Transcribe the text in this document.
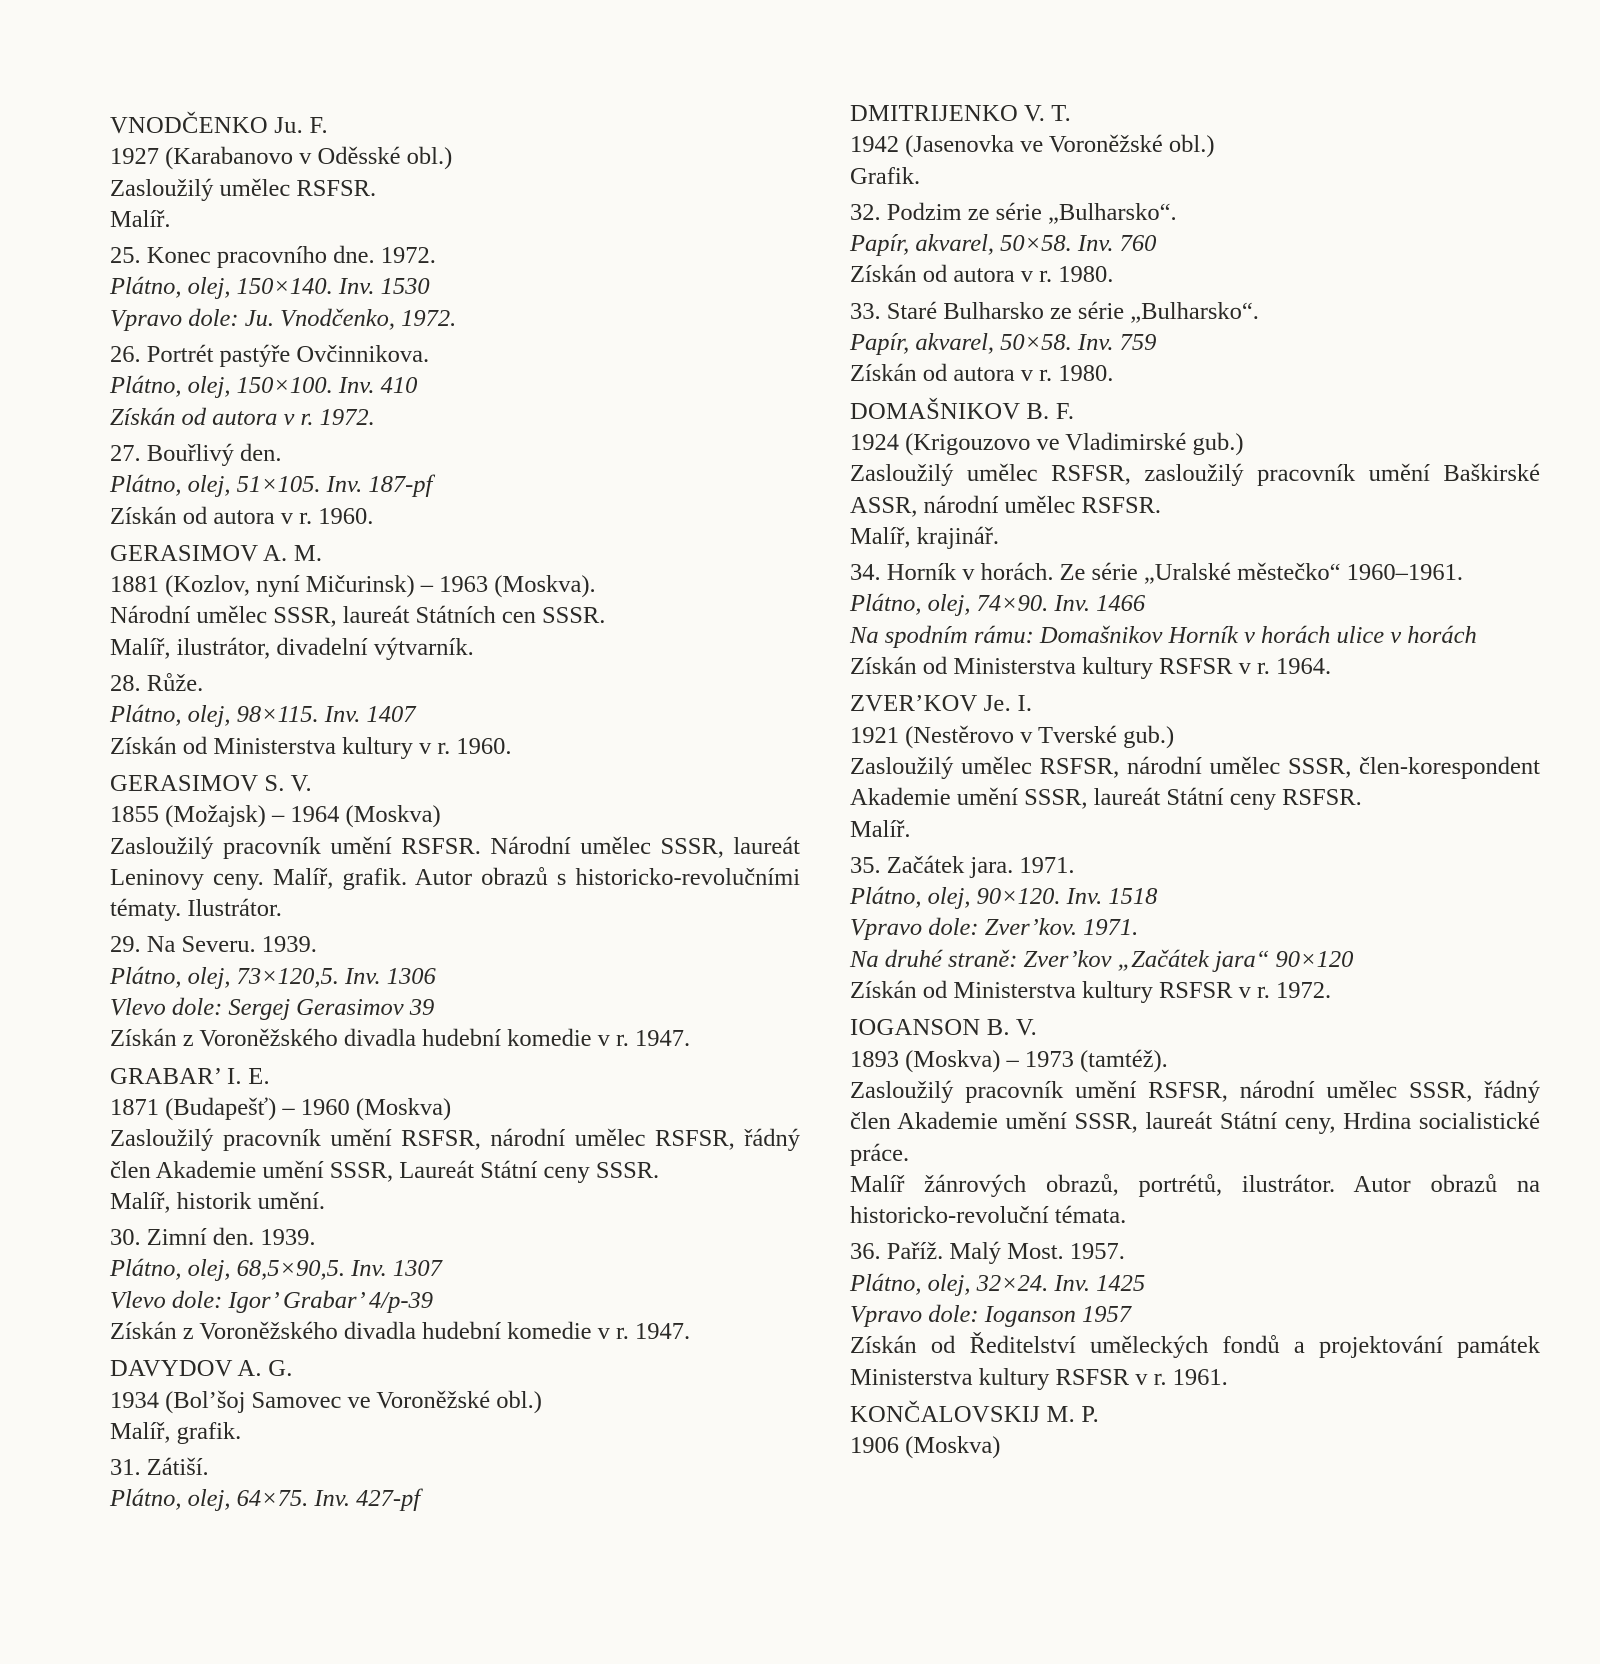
VNODČENKO Ju. F.
1927 (Karabanovo v Oděsské obl.)
Zasloužilý umělec RSFSR.
Malíř.
25. Konec pracovního dne. 1972.
Plátno, olej, 150×140. Inv. 1530
Vpravo dole: Ju. Vnodčenko, 1972.
26. Portrét pastýře Ovčinnikova.
Plátno, olej, 150×100. Inv. 410
Získán od autora v r. 1972.
27. Bouřlivý den.
Plátno, olej, 51×105. Inv. 187-pf
Získán od autora v r. 1960.
GERASIMOV A. M.
1881 (Kozlov, nyní Mičurinsk) – 1963 (Moskva).
Národní umělec SSSR, laureát Státních cen SSSR.
Malíř, ilustrátor, divadelní výtvarník.
28. Růže.
Plátno, olej, 98×115. Inv. 1407
Získán od Ministerstva kultury v r. 1960.
GERASIMOV S. V.
1855 (Možajsk) – 1964 (Moskva)
Zasloužilý pracovník umění RSFSR. Národní umělec SSSR, laureát Leninovy ceny. Malíř, grafik. Autor obrazů s historicko-revolučními tématy. Ilustrátor.
29. Na Severu. 1939.
Plátno, olej, 73×120,5. Inv. 1306
Vlevo dole: Sergej Gerasimov 39
Získán z Voroněžského divadla hudební komedie v r. 1947.
GRABAR’ I. E.
1871 (Budapešť) – 1960 (Moskva)
Zasloužilý pracovník umění RSFSR, národní umělec RSFSR, řádný člen Akademie umění SSSR, Laureát Státní ceny SSSR.
Malíř, historik umění.
30. Zimní den. 1939.
Plátno, olej, 68,5×90,5. Inv. 1307
Vlevo dole: Igor’ Grabar’ 4/p-39
Získán z Voroněžského divadla hudební komedie v r. 1947.
DAVYDOV A. G.
1934 (Bol’šoj Samovec ve Voroněžské obl.)
Malíř, grafik.
31. Zátiší.
Plátno, olej, 64×75. Inv. 427-pf
DMITRIJENKO V. T.
1942 (Jasenovka ve Voroněžské obl.)
Grafik.
32. Podzim ze série „Bulharsko“.
Papír, akvarel, 50×58. Inv. 760
Získán od autora v r. 1980.
33. Staré Bulharsko ze série „Bulharsko“.
Papír, akvarel, 50×58. Inv. 759
Získán od autora v r. 1980.
DOMAŠNIKOV B. F.
1924 (Krigouzovo ve Vladimirské gub.)
Zasloužilý umělec RSFSR, zasloužilý pracovník umění Baškirské ASSR, národní umělec RSFSR.
Malíř, krajinář.
34. Horník v horách. Ze série „Uralské městečko“ 1960–1961.
Plátno, olej, 74×90. Inv. 1466
Na spodním rámu: Domašnikov Horník v horách ulice v horách
Získán od Ministerstva kultury RSFSR v r. 1964.
ZVER’KOV Je. I.
1921 (Nestěrovo v Tverské gub.)
Zasloužilý umělec RSFSR, národní umělec SSSR, člen-korespondent Akademie umění SSSR, laureát Státní ceny RSFSR.
Malíř.
35. Začátek jara. 1971.
Plátno, olej, 90×120. Inv. 1518
Vpravo dole: Zver’kov. 1971.
Na druhé straně: Zver’kov „Začátek jara“ 90×120
Získán od Ministerstva kultury RSFSR v r. 1972.
IOGANSON B. V.
1893 (Moskva) – 1973 (tamtéž).
Zasloužilý pracovník umění RSFSR, národní umělec SSSR, řádný člen Akademie umění SSSR, laureát Státní ceny, Hrdina socialistické práce.
Malíř žánrových obrazů, portrétů, ilustrátor. Autor obrazů na historicko-revoluční témata.
36. Paříž. Malý Most. 1957.
Plátno, olej, 32×24. Inv. 1425
Vpravo dole: Ioganson 1957
Získán od Ředitelství uměleckých fondů a projektování památek Ministerstva kultury RSFSR v r. 1961.
KONČALOVSKIJ M. P.
1906 (Moskva)
